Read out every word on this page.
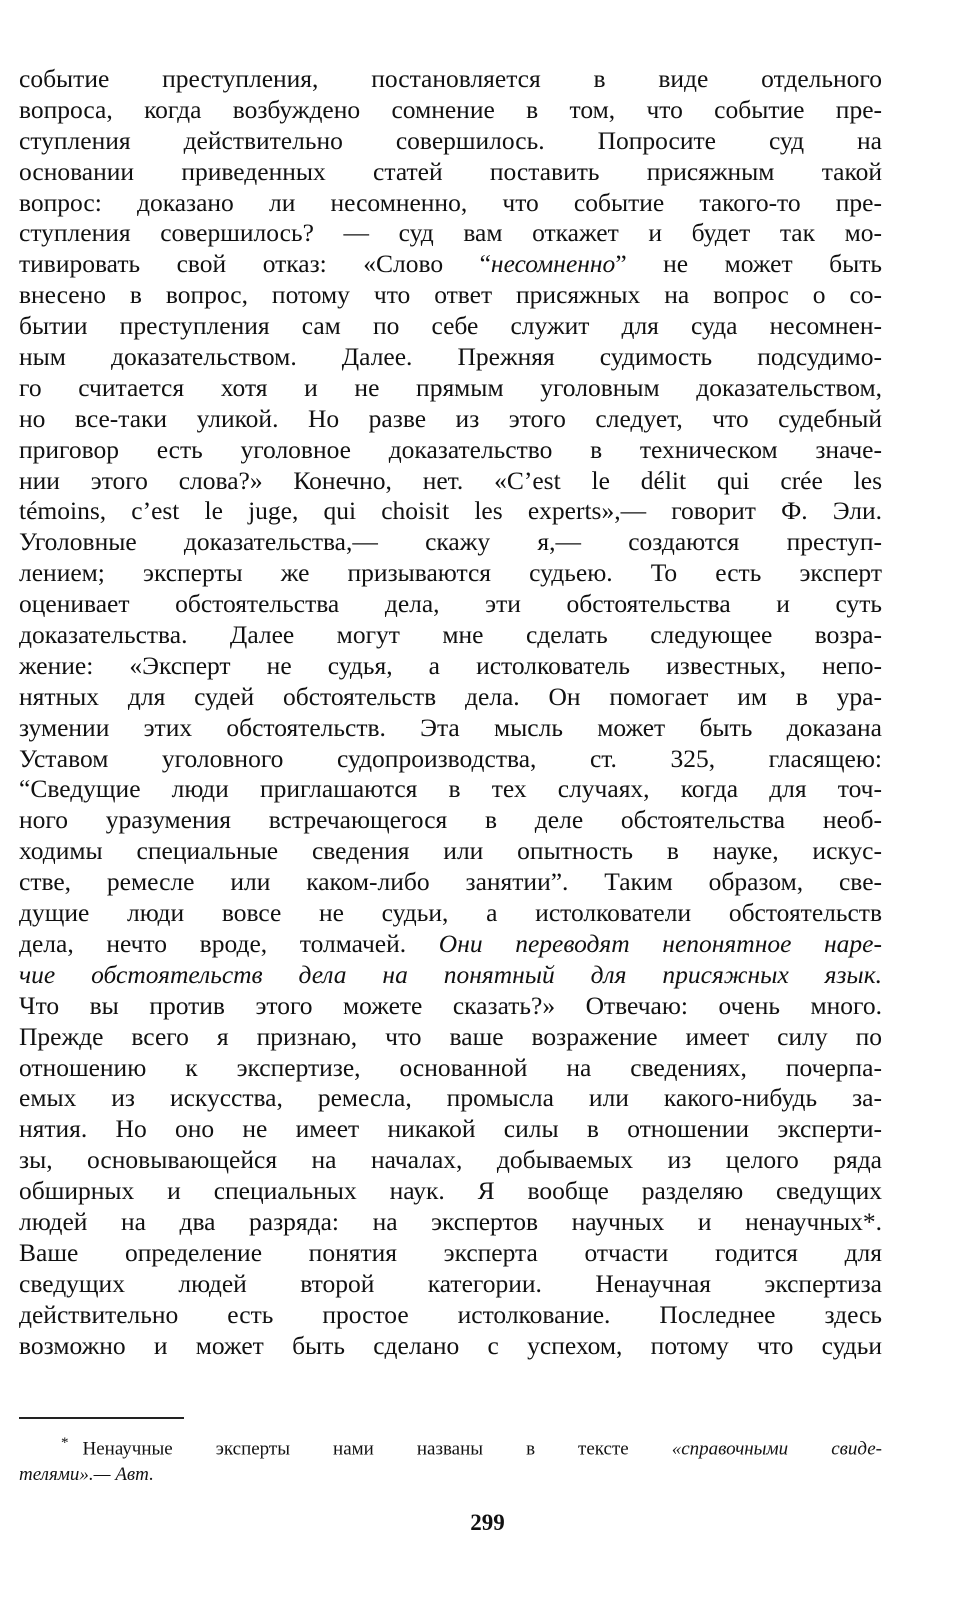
событие преступления, постановляется в виде отдельного
вопроса, когда возбуждено сомнение в том, что событие пре-
ступления действительно совершилось. Попросите суд на
основании приведенных статей поставить присяжным такой
вопрос: доказано ли несомненно, что событие такого-то пре-
ступления совершилось? — суд вам откажет и будет так мо-
тивировать свой отказ: «Слово “несомненно” не может быть
внесено в вопрос, потому что ответ присяжных на вопрос о со-
бытии преступления сам по себе служит для суда несомнен-
ным доказательством. Далее. Прежняя судимость подсудимо-
го считается хотя и не прямым уголовным доказательством,
но все-таки уликой. Но разве из этого следует, что судебный
приговор есть уголовное доказательство в техническом значе-
нии этого слова?» Конечно, нет. «C’est le délit qui crée les
témoins, c’est le juge, qui choisit les experts»,— говорит Ф. Эли.
Уголовные доказательства,— скажу я,— создаются преступ-
лением; эксперты же призываются судьею. То есть эксперт
оценивает обстоятельства дела, эти обстоятельства и суть
доказательства. Далее могут мне сделать следующее возра-
жение: «Эксперт не судья, а истолкователь известных, непо-
нятных для судей обстоятельств дела. Он помогает им в ура-
зумении этих обстоятельств. Эта мысль может быть доказана
Уставом уголовного судопроизводства, ст. 325, гласящею:
“Сведущие люди приглашаются в тех случаях, когда для точ-
ного уразумения встречающегося в деле обстоятельства необ-
ходимы специальные сведения или опытность в науке, искус-
стве, ремесле или каком-либо занятии”. Таким образом, све-
дущие люди вовсе не судьи, а истолкователи обстоятельств
дела, нечто вроде, толмачей. Они переводят непонятное наре-
чие обстоятельств дела на понятный для присяжных язык.
Что вы против этого можете сказать?» Отвечаю: очень много.
Прежде всего я признаю, что ваше возражение имеет силу по
отношению к экспертизе, основанной на сведениях, почерпа-
емых из искусства, ремесла, промысла или какого-нибудь за-
нятия. Но оно не имеет никакой силы в отношении эксперти-
зы, основывающейся на началах, добываемых из целого ряда
обширных и специальных наук. Я вообще разделяю сведущих
людей на два разряда: на экспертов научных и ненаучных*.
Ваше определение понятия эксперта отчасти годится для
сведущих людей второй категории. Ненаучная экспертиза
действительно есть простое истолкование. Последнее здесь
возможно и может быть сделано с успехом, потому что судьи
* Ненаучные эксперты нами названы в тексте «справочными свиде-
телями».— Авт.
299
